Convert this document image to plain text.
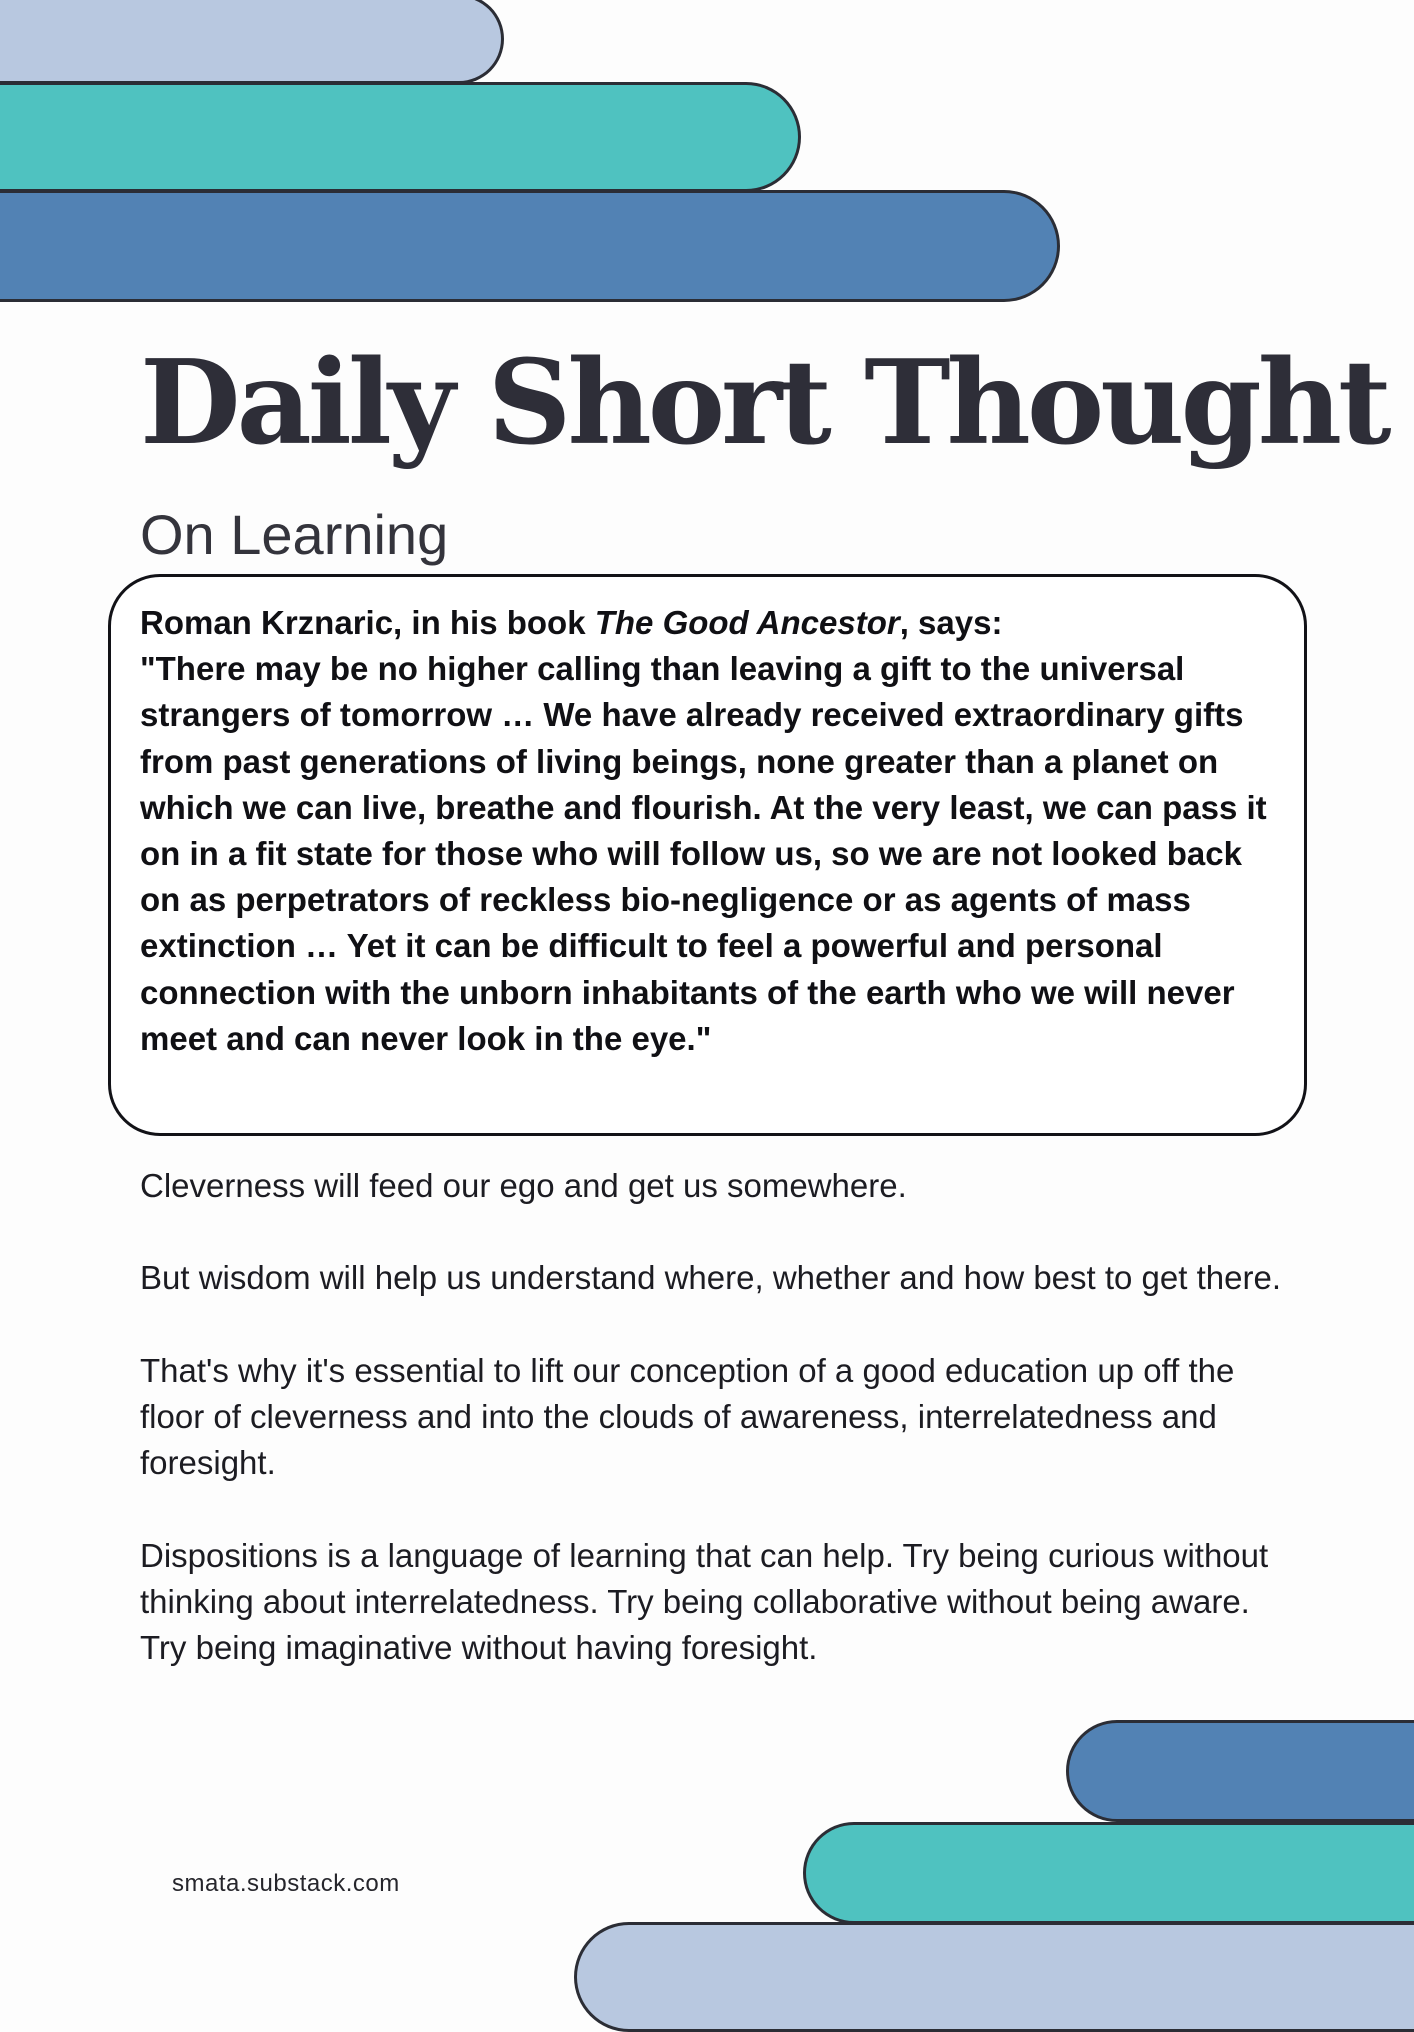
Daily Short Thought
On Learning

Roman Krznaric, in his book The Good Ancestor, says:

"There may be no higher calling than leaving a gift to the universal strangers of tomorrow … We have already received extraordinary gifts from past generations of living beings, none greater than a planet on which we can live, breathe and flourish. At the very least, we can pass it on in a fit state for those who will follow us, so we are not looked back on as perpetrators of reckless bio-negligence or as agents of mass extinction … Yet it can be difficult to feel a powerful and personal connection with the unborn inhabitants of the earth who we will never meet and can never look in the eye."

Cleverness will feed our ego and get us somewhere.

But wisdom will help us understand where, whether and how best to get there.

That's why it's essential to lift our conception of a good education up off the floor of cleverness and into the clouds of awareness, interrelatedness and foresight.

Dispositions is a language of learning that can help. Try being curious without thinking about interrelatedness. Try being collaborative without being aware. Try being imaginative without having foresight.

smata.substack.com
